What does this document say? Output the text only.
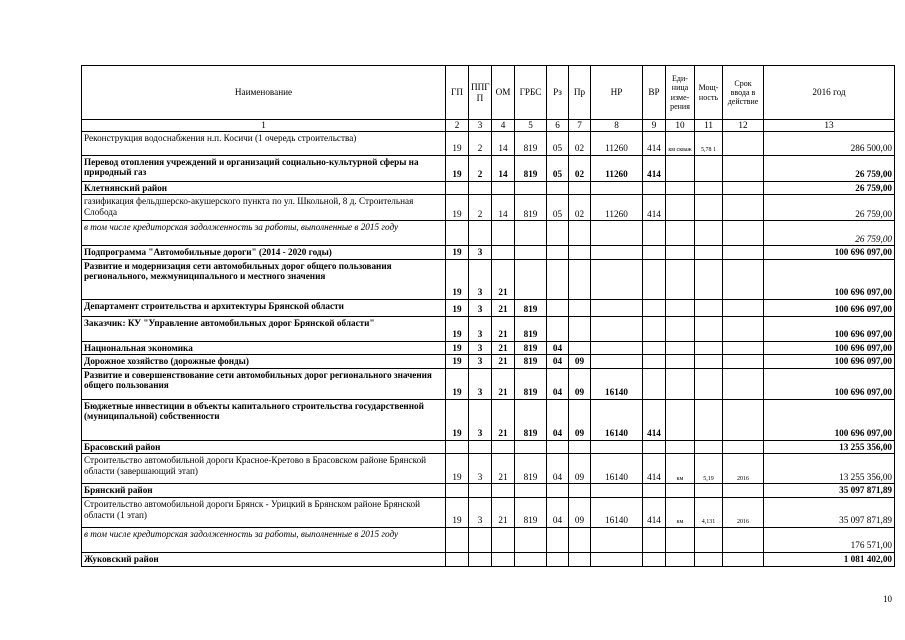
Наименование	ГП	ППГ П	ОМ	ГРБС	Рз	Пр	НР	ВР	Еди- ница изме- рения	Мощ- ность	Срок ввода в действие	2016 год
1	2	3	4	5	6	7	8	9	10	11	12	13
Реконструкция водоснабжения н.п. Косичи (1 очередь строительства)	19	2	14	819	05	02	11260	414	км скваж	5,78 1		286 500,00
Перевод отопления учреждений и организаций социально-культурной сферы на природный газ	19	2	14	819	05	02	11260	414				26 759,00
Клетнянский район												26 759,00
газификация фельдшерско-акушерского пункта по ул. Школьной, 8 д. Строительная Слобода	19	2	14	819	05	02	11260	414				26 759,00
в том числе кредиторская задолженность за работы, выполненные в 2015 году												26 759,00
Подпрограмма "Автомобильные дороги" (2014 - 2020 годы)	19	3										100 696 097,00
Развитие и модернизация сети автомобильных дорог общего пользования регионального, межмуниципального и местного значения	19	3	21									100 696 097,00
Департамент строительства и архитектуры Брянской области	19	3	21	819								100 696 097,00
Заказчик: КУ "Управление автомобильных дорог Брянской области"	19	3	21	819								100 696 097,00
Национальная экономика	19	3	21	819	04							100 696 097,00
Дорожное хозяйство (дорожные фонды)	19	3	21	819	04	09						100 696 097,00
Развитие и совершенствование сети автомобильных дорог регионального значения общего пользования	19	3	21	819	04	09	16140					100 696 097,00
Бюджетные инвестиции в объекты капитального строительства государственной (муниципальной) собственности	19	3	21	819	04	09	16140	414				100 696 097,00
Брасовский район												13 255 356,00
Строительство автомобильной дороги Красное-Кретово в Брасовском районе Брянской области (завершающий этап)	19	3	21	819	04	09	16140	414	км	5,19	2016	13 255 356,00
Брянский район												35 097 871,89
Строительство автомобильной дороги Брянск - Урицкий в Брянском районе Брянской области (1 этап)	19	3	21	819	04	09	16140	414	км	4,131	2016	35 097 871,89
в том числе кредиторская задолженность за работы, выполненные в 2015 году												176 571,00
Жуковский район												1 081 402,00
10
